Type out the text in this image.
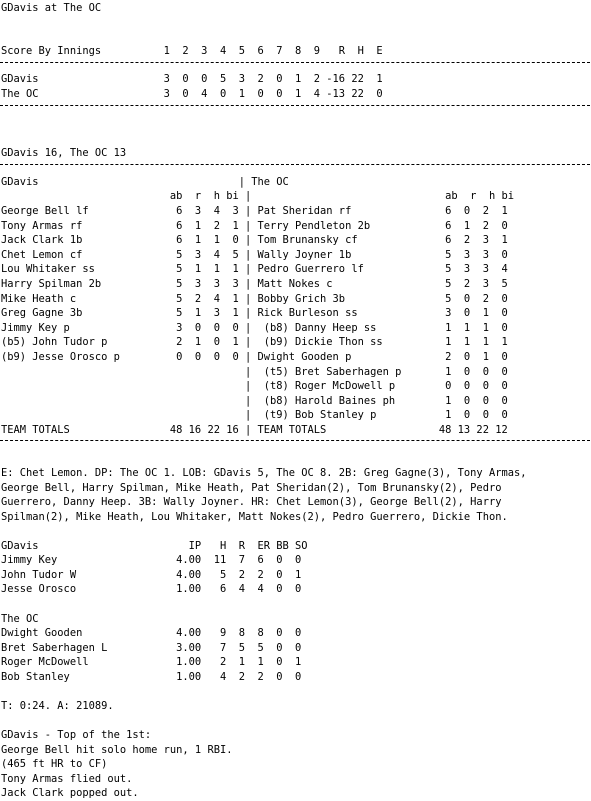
GDavis at The OC
Score By Innings          1  2  3  4  5  6  7  8  9   R  H  E
GDavis                    3  0  0  5  3  2  0  1  2 -16 22  1
The OC                    3  0  4  0  1  0  0  1  4 -13 22  0
GDavis 16, The OC 13
GDavis                                | The OC
ab  r  h bi |                               ab  r  h bi
George Bell lf              6  3  4  3 | Pat Sheridan rf               6  0  2  1
Tony Armas rf               6  1  2  1 | Terry Pendleton 2b            6  1  2  0
Jack Clark 1b               6  1  1  0 | Tom Brunansky cf              6  2  3  1
Chet Lemon cf               5  3  4  5 | Wally Joyner 1b               5  3  3  0
Lou Whitaker ss             5  1  1  1 | Pedro Guerrero lf             5  3  3  4
Harry Spilman 2b            5  3  3  3 | Matt Nokes c                  5  2  3  5
Mike Heath c                5  2  4  1 | Bobby Grich 3b                5  0  2  0
Greg Gagne 3b               5  1  3  1 | Rick Burleson ss              3  0  1  0
Jimmy Key p                 3  0  0  0 |  (b8) Danny Heep ss           1  1  1  0
(b5) John Tudor p           2  1  0  1 |  (b9) Dickie Thon ss          1  1  1  1
(b9) Jesse Orosco p         0  0  0  0 | Dwight Gooden p               2  0  1  0
|  (t5) Bret Saberhagen p       1  0  0  0
|  (t8) Roger McDowell p        0  0  0  0
|  (b8) Harold Baines ph        1  0  0  0
|  (t9) Bob Stanley p           1  0  0  0
TEAM TOTALS                48 16 22 16 | TEAM TOTALS                  48 13 22 12
E: Chet Lemon. DP: The OC 1. LOB: GDavis 5, The OC 8. 2B: Greg Gagne(3), Tony Armas,
George Bell, Harry Spilman, Mike Heath, Pat Sheridan(2), Tom Brunansky(2), Pedro
Guerrero, Danny Heep. 3B: Wally Joyner. HR: Chet Lemon(3), George Bell(2), Harry
Spilman(2), Mike Heath, Lou Whitaker, Matt Nokes(2), Pedro Guerrero, Dickie Thon.
GDavis                        IP   H  R  ER BB SO
Jimmy Key                   4.00  11  7  6  0  0
John Tudor W                4.00   5  2  2  0  1
Jesse Orosco                1.00   6  4  4  0  0
The OC
Dwight Gooden               4.00   9  8  8  0  0
Bret Saberhagen L           3.00   7  5  5  0  0
Roger McDowell              1.00   2  1  1  0  1
Bob Stanley                 1.00   4  2  2  0  0
T: 0:24. A: 21089.
GDavis - Top of the 1st:
George Bell hit solo home run, 1 RBI.
(465 ft HR to CF)
Tony Armas flied out.
Jack Clark popped out.
